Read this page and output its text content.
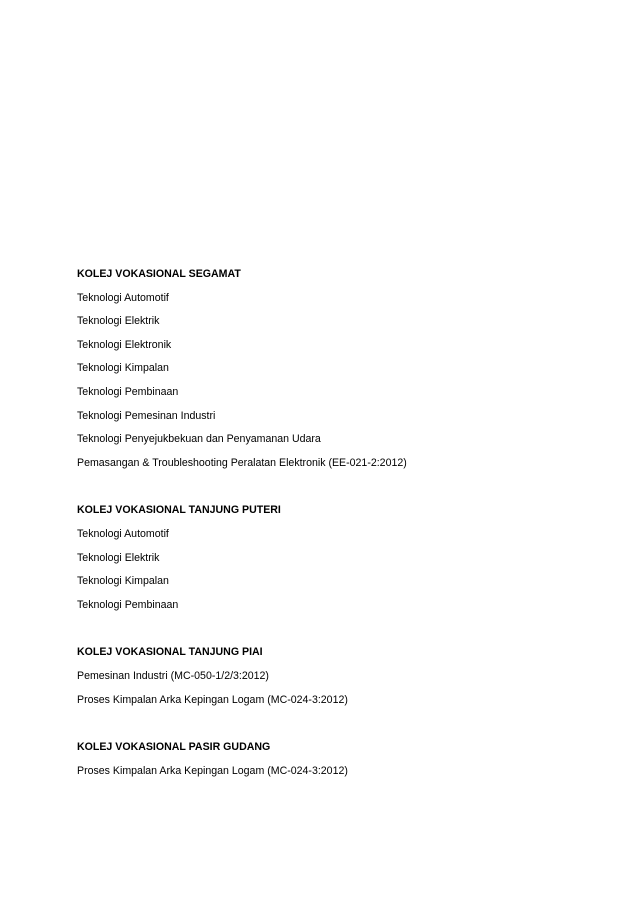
KOLEJ VOKASIONAL SEGAMAT
Teknologi Automotif
Teknologi Elektrik
Teknologi Elektronik
Teknologi Kimpalan
Teknologi Pembinaan
Teknologi Pemesinan Industri
Teknologi Penyejukbekuan dan Penyamanan Udara
Pemasangan & Troubleshooting Peralatan Elektronik (EE-021-2:2012)
KOLEJ VOKASIONAL TANJUNG PUTERI
Teknologi Automotif
Teknologi Elektrik
Teknologi Kimpalan
Teknologi Pembinaan
KOLEJ VOKASIONAL TANJUNG PIAI
Pemesinan Industri (MC-050-1/2/3:2012)
Proses Kimpalan Arka Kepingan Logam (MC-024-3:2012)
KOLEJ VOKASIONAL PASIR GUDANG
Proses Kimpalan Arka Kepingan Logam (MC-024-3:2012)
